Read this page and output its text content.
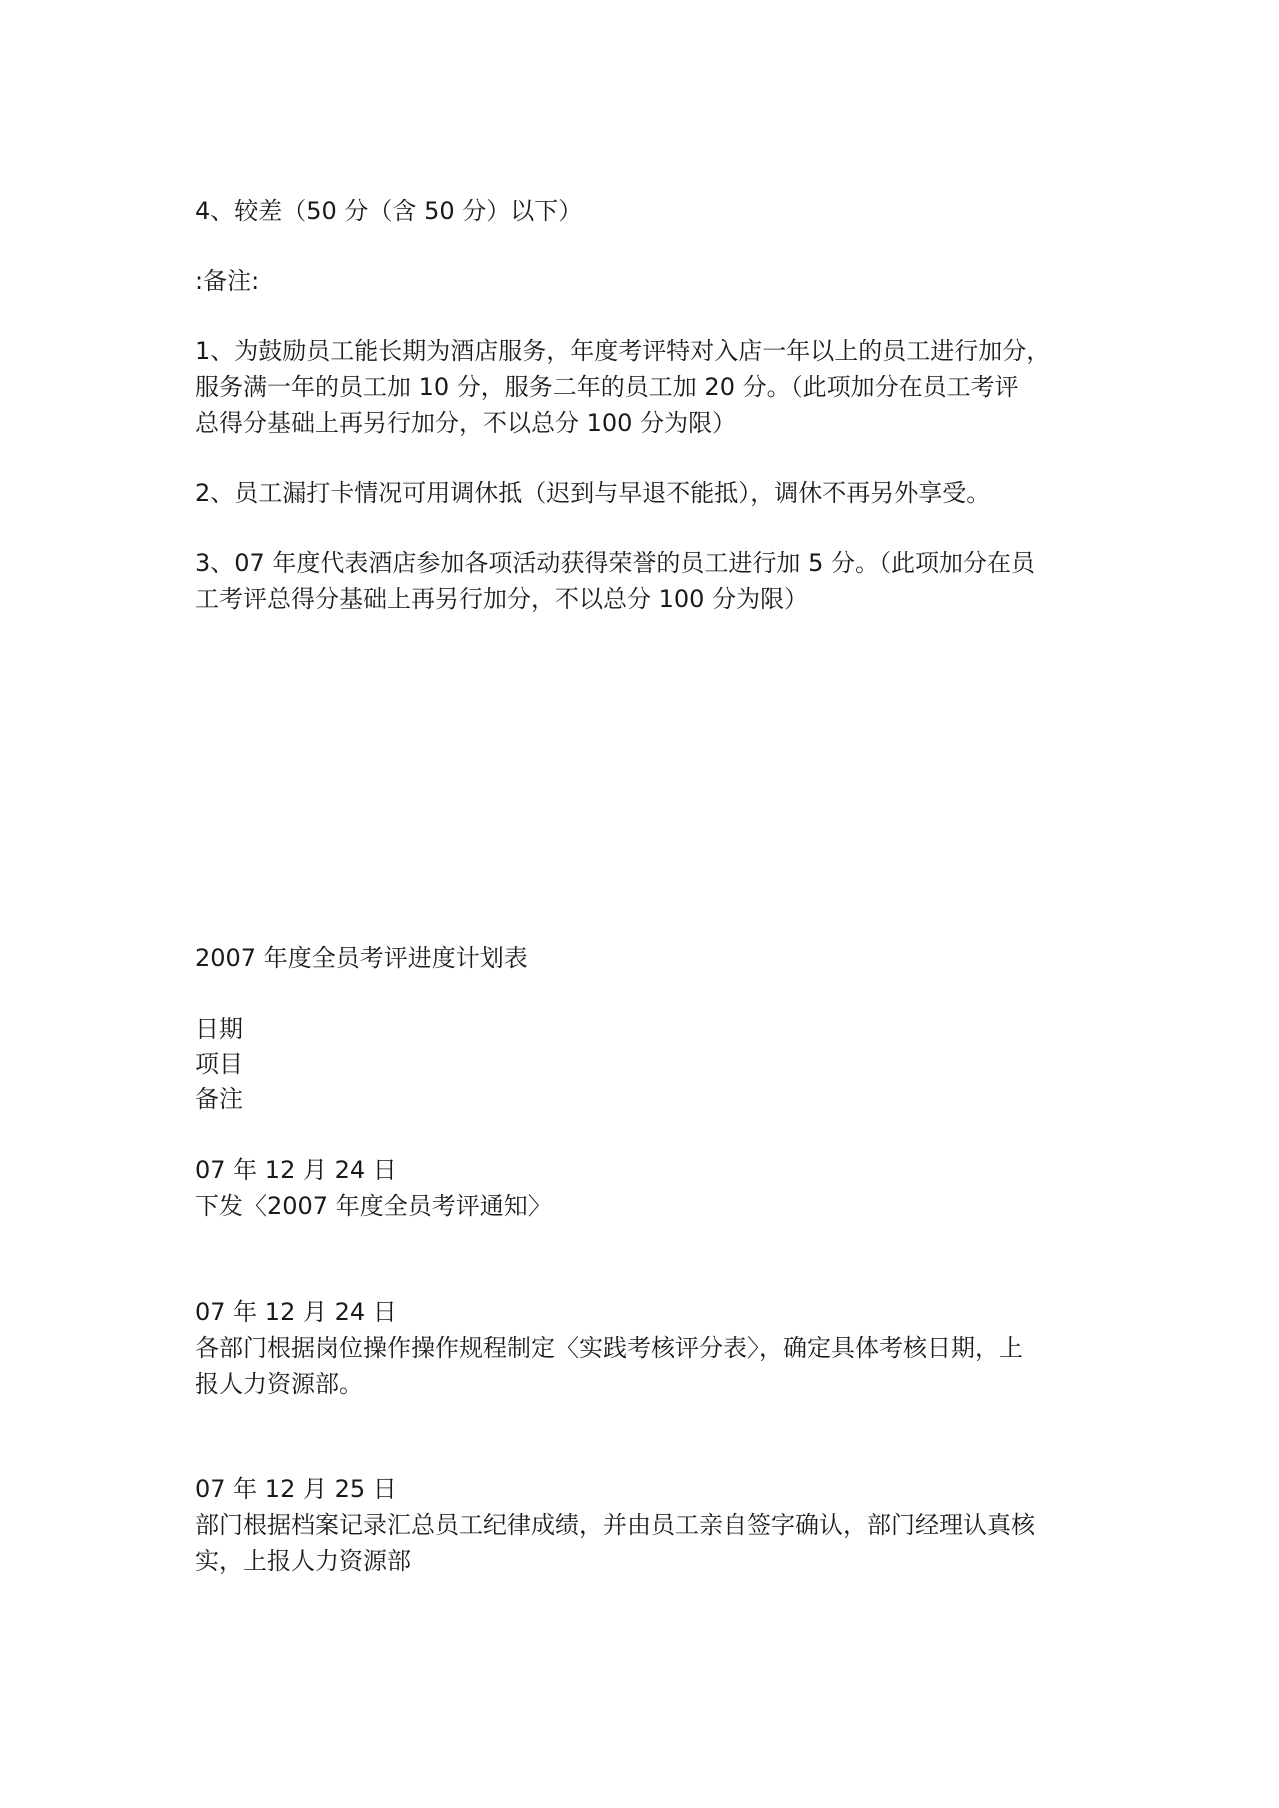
4、较差（50 分（含 50 分）以下）
:备注:
1、为鼓励员工能长期为酒店服务，年度考评特对入店一年以上的员工进行加分，
服务满一年的员工加 10 分，服务二年的员工加 20 分。（此项加分在员工考评
总得分基础上再另行加分，不以总分 100 分为限）
2、员工漏打卡情况可用调休抵（迟到与早退不能抵），调休不再另外享受。
3、07 年度代表酒店参加各项活动获得荣誉的员工进行加 5 分。（此项加分在员
工考评总得分基础上再另行加分，不以总分 100 分为限）
2007 年度全员考评进度计划表
日期
项目
备注
07 年 12 月 24 日
下发〈2007 年度全员考评通知〉
07 年 12 月 24 日
各部门根据岗位操作操作规程制定〈实践考核评分表〉，确定具体考核日期，上
报人力资源部。
07 年 12 月 25 日
部门根据档案记录汇总员工纪律成绩，并由员工亲自签字确认，部门经理认真核
实，上报人力资源部
